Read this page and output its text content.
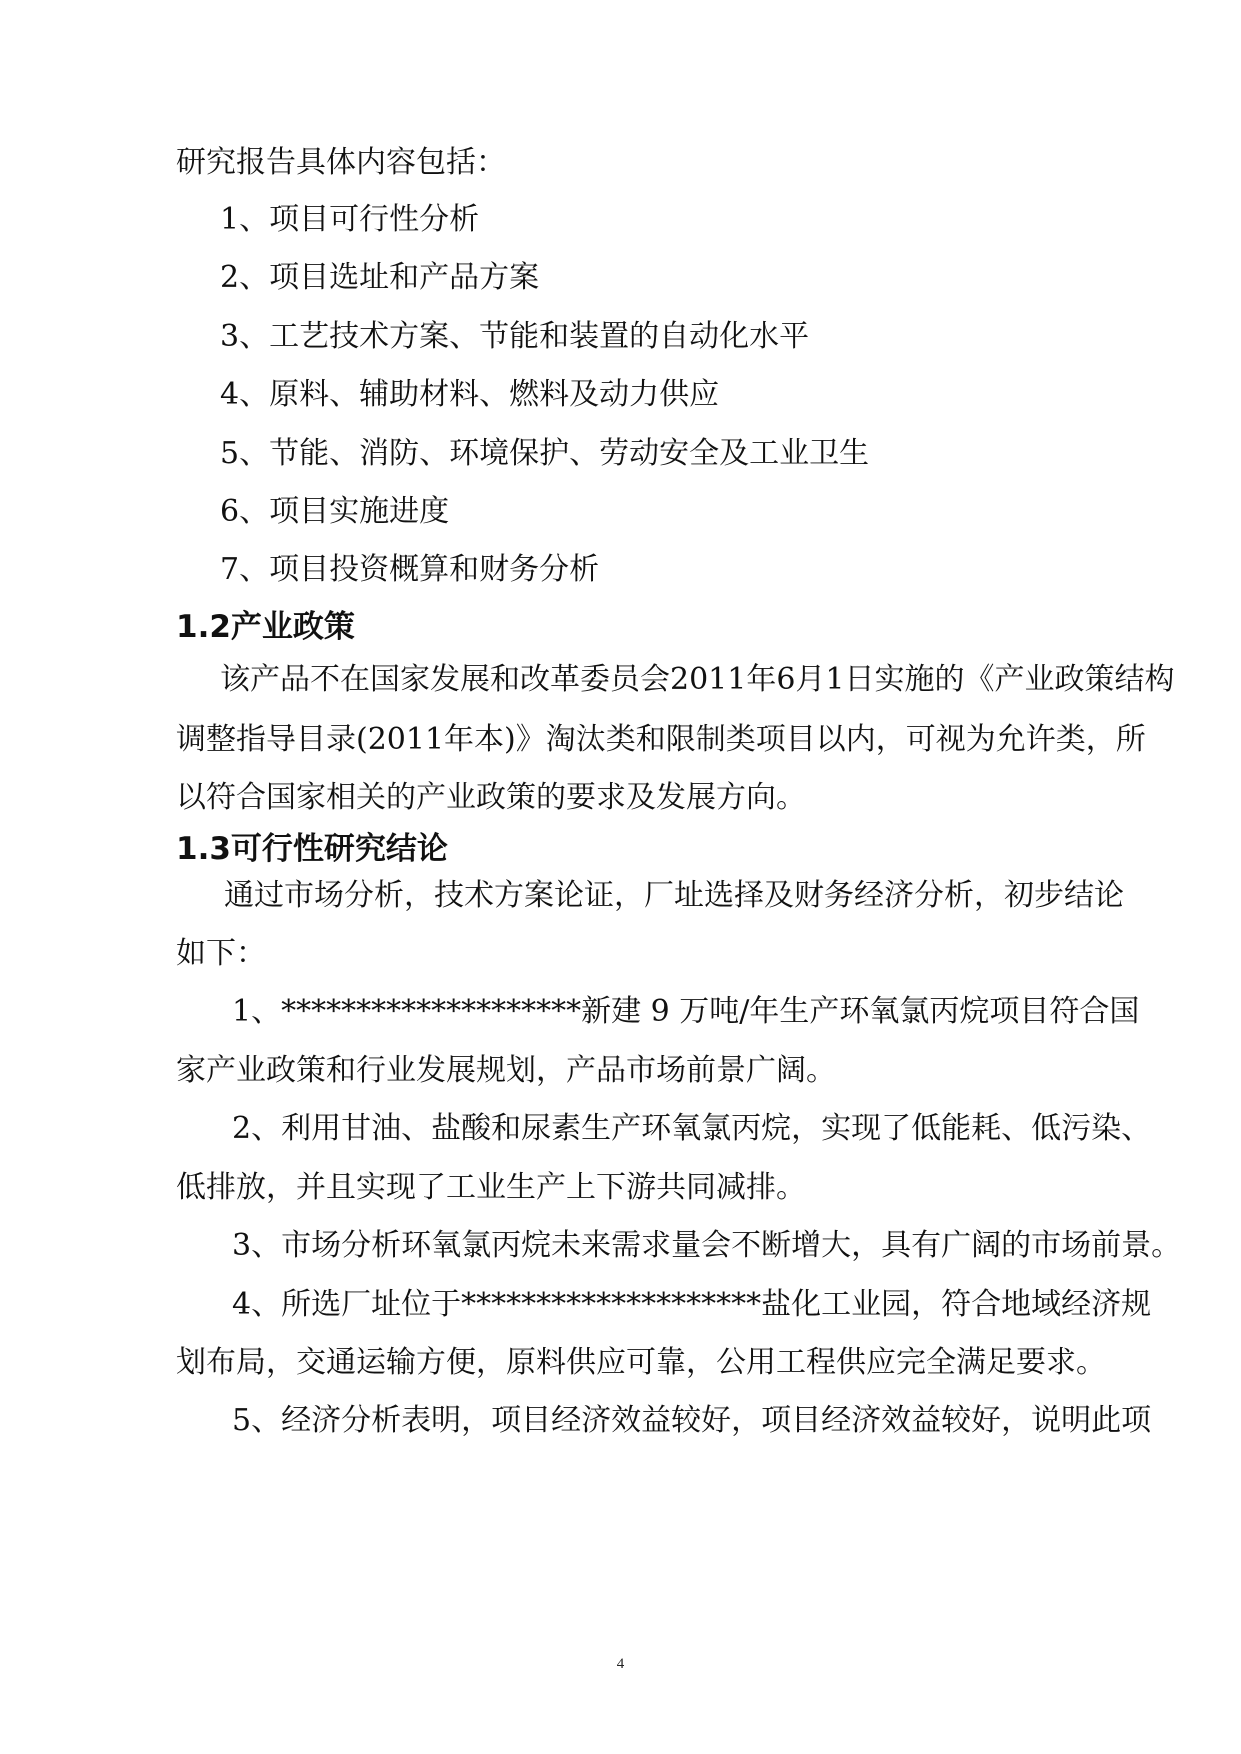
研究报告具体内容包括：

1、项目可行性分析

2、项目选址和产品方案

3、工艺技术方案、节能和装置的自动化水平

4、原料、辅助材料、燃料及动力供应

5、节能、消防、环境保护、劳动安全及工业卫生

6、项目实施进度

7、项目投资概算和财务分析

1.2产业政策

该产品不在国家发展和改革委员会2011年6月1日实施的《产业政策结构

调整指导目录(2011年本)》淘汰类和限制类项目以内，可视为允许类，所

以符合国家相关的产业政策的要求及发展方向。

1.3可行性研究结论

通过市场分析，技术方案论证，厂址选择及财务经济分析，初步结论

如下：

1、********************新建 9 万吨/年生产环氧氯丙烷项目符合国

家产业政策和行业发展规划，产品市场前景广阔。

2、利用甘油、盐酸和尿素生产环氧氯丙烷，实现了低能耗、低污染、

低排放，并且实现了工业生产上下游共同减排。

3、市场分析环氧氯丙烷未来需求量会不断增大，具有广阔的市场前景。

4、所选厂址位于********************盐化工业园，符合地域经济规

划布局，交通运输方便，原料供应可靠，公用工程供应完全满足要求。

5、经济分析表明，项目经济效益较好，项目经济效益较好，说明此项

4
